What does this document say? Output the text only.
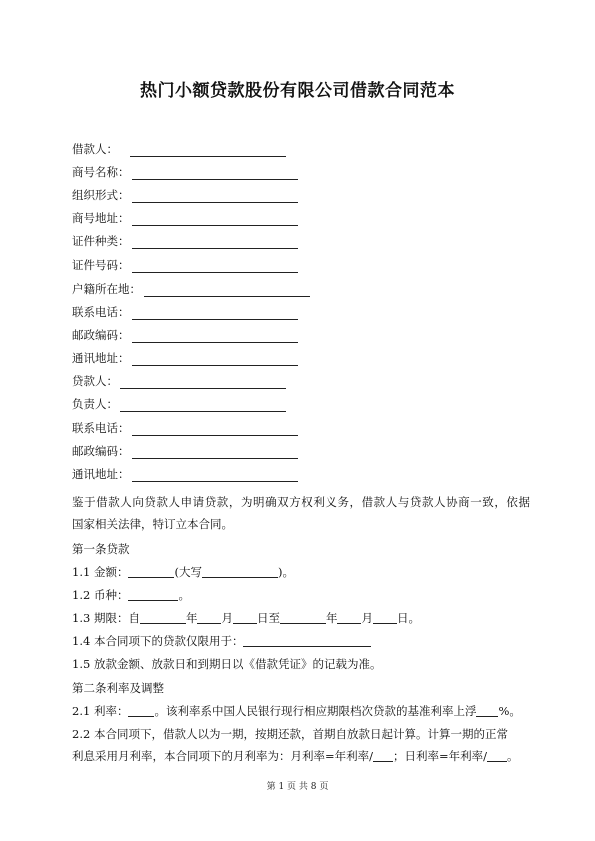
热门小额贷款股份有限公司借款合同范本
借款人：
商号名称：
组织形式：
商号地址：
证件种类：
证件号码：
户籍所在地：
联系电话：
邮政编码：
通讯地址：
贷款人：
负责人：
联系电话：
邮政编码：
通讯地址：
鉴于借款人向贷款人申请贷款，为明确双方权利义务，借款人与贷款人协商一致，依据
国家相关法律，特订立本合同。
第一条贷款
1.1 金额：	(大写	)。
1.2 币种：	。
1.3 期限：自	年 月 日至	年 月 日。
1.4 本合同项下的贷款仅限用于：
1.5 放款金额、放款日和到期日以《借款凭证》的记载为准。
第二条利率及调整
2.1 利率： 。该利率系中国人民银行现行相应期限档次贷款的基准利率上浮 %。
2.2 本合同项下，借款人以为一期，按期还款，首期自放款日起计算。计算一期的正常
利息采用月利率，本合同项下的月利率为：月利率=年利率/ ；日利率=年利率/ 。
第 1 页 共 8 页
